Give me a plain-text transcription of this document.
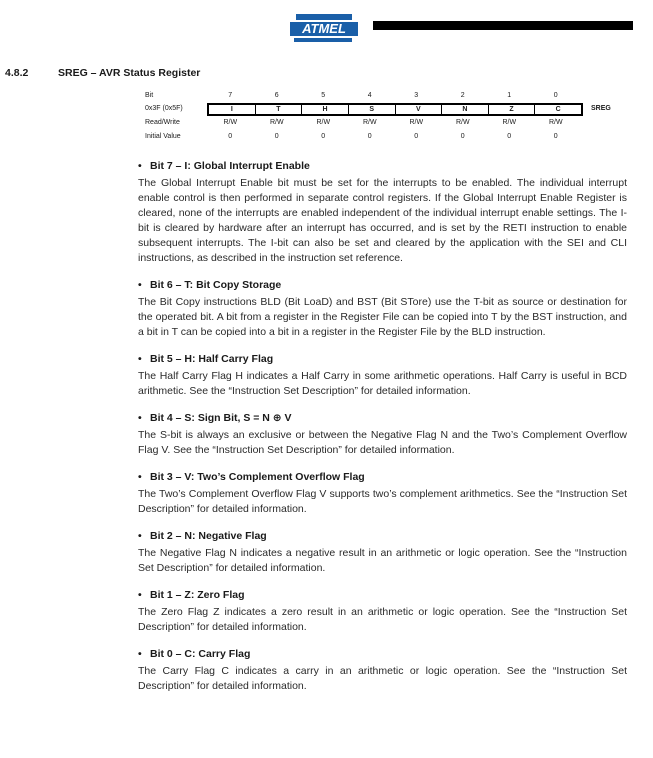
ATMEL
4.8.2	SREG – AVR Status Register
Bit	7	6	5	4	3	2	1	0
0x3F (0x5F)	I	T	H	S	V	N	Z	C	SREG
Read/Write	R/W	R/W	R/W	R/W	R/W	R/W	R/W	R/W
Initial Value	0	0	0	0	0	0	0	0
• Bit 7 – I: Global Interrupt Enable
The Global Interrupt Enable bit must be set for the interrupts to be enabled. The individual interrupt enable control is then performed in separate control registers. If the Global Interrupt Enable Register is cleared, none of the interrupts are enabled independent of the individual interrupt enable settings. The I-bit is cleared by hardware after an interrupt has occurred, and is set by the RETI instruction to enable subsequent interrupts. The I-bit can also be set and cleared by the application with the SEI and CLI instructions, as described in the instruction set reference.
• Bit 6 – T: Bit Copy Storage
The Bit Copy instructions BLD (Bit LoaD) and BST (Bit STore) use the T-bit as source or destination for the operated bit. A bit from a register in the Register File can be copied into T by the BST instruction, and a bit in T can be copied into a bit in a register in the Register File by the BLD instruction.
• Bit 5 – H: Half Carry Flag
The Half Carry Flag H indicates a Half Carry in some arithmetic operations. Half Carry is useful in BCD arithmetic. See the “Instruction Set Description” for detailed information.
• Bit 4 – S: Sign Bit, S = N ⊕ V
The S-bit is always an exclusive or between the Negative Flag N and the Two’s Complement Overflow Flag V. See the “Instruction Set Description” for detailed information.
• Bit 3 – V: Two’s Complement Overflow Flag
The Two’s Complement Overflow Flag V supports two’s complement arithmetics. See the “Instruction Set Description” for detailed information.
• Bit 2 – N: Negative Flag
The Negative Flag N indicates a negative result in an arithmetic or logic operation. See the “Instruction Set Description” for detailed information.
• Bit 1 – Z: Zero Flag
The Zero Flag Z indicates a zero result in an arithmetic or logic operation. See the “Instruction Set Description” for detailed information.
• Bit 0 – C: Carry Flag
The Carry Flag C indicates a carry in an arithmetic or logic operation. See the “Instruction Set Description” for detailed information.
